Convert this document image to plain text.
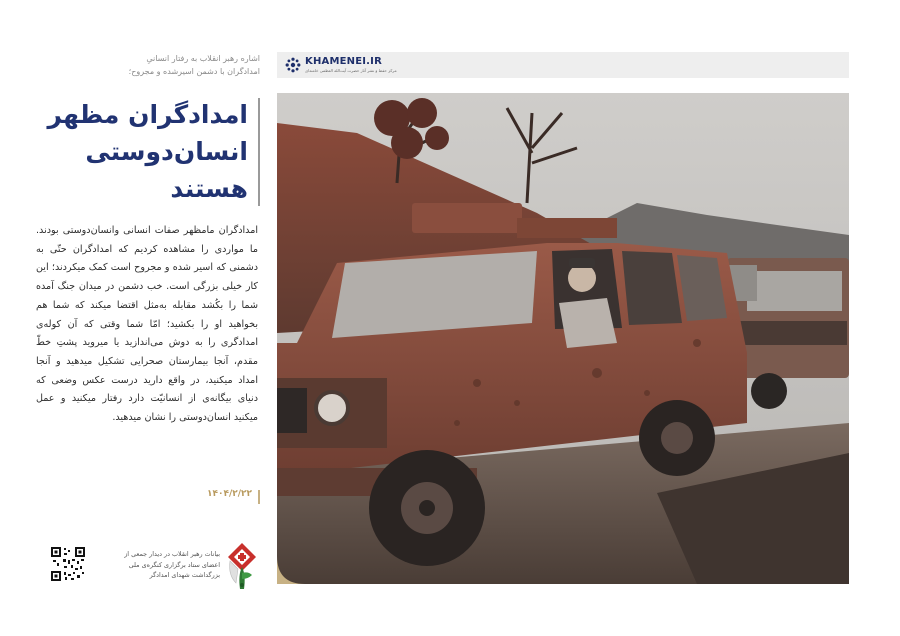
KHAMENEI.IR
مرکز حفظ و نشر آثار حضرت آیت‌الله العظمی خامنه‌ای
اشاره رهبر انقلاب به رفتار انسانیِ
امدادگران با دشمن اسیرشده و مجروح؛
امدادگران مظهر
انسان‌دوستی
هستند

امدادگران مامظهر صفات انسانی وانسان‌دوستی بودند. ما مواردی را مشاهده کردیم که امدادگران حتّی به دشمنی که اسیر شده و مجروح است کمک میکردند؛ این کار خیلی بزرگی است. خب دشمن در میدان جنگ آمده شما را بکُشد مقابله به‌مثل اقتضا میکند که شما هم بخواهید او را بکشید؛ امّا شما وقتی که آن کوله‌ی امدادگری را به دوش می‌اندازید یا میروید پشتِ خطّ مقدم، آنجا بیمارستان صحرایی تشکیل میدهید و آنجا امداد میکنید، در واقع دارید درست عکس وضعی که دنیای بیگانه‌ی از انسانیّت دارد رفتار میکنید و عمل میکنید انسان‌دوستی را نشان میدهید.

۱۴۰۴/۲/۲۲
بیانات رهبر انقلاب در دیدار جمعی از
اعضای ستاد برگزاری کنگره‌ی ملی
بزرگداشت شهدای امدادگر
